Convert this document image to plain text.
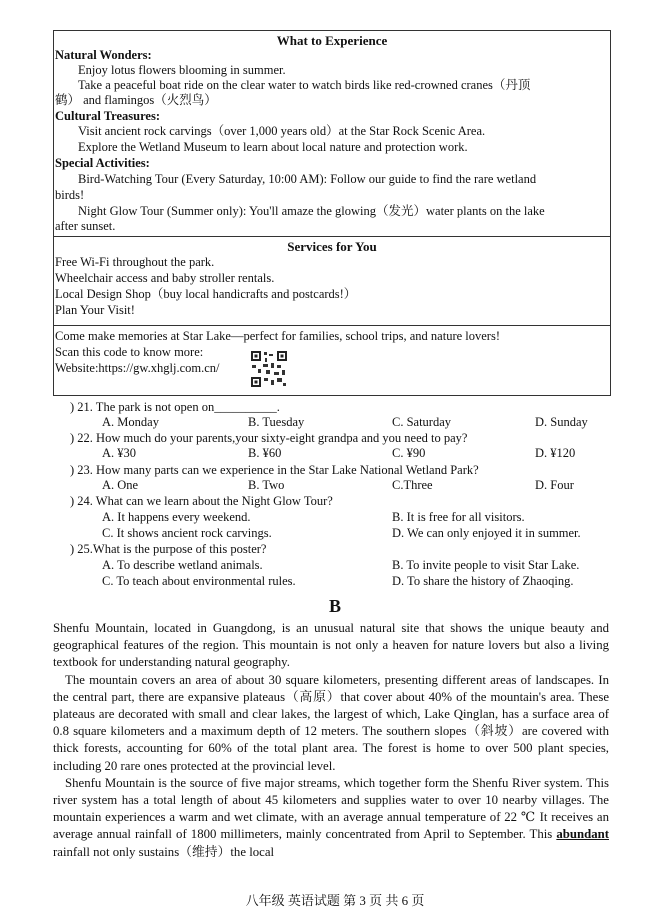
What to Experience
Natural Wonders:
Enjoy lotus flowers blooming in summer.
Take a peaceful boat ride on the clear water to watch birds like red-crowned cranes（丹顶
鹤） and flamingos（火烈鸟）
Cultural Treasures:
Visit ancient rock carvings（over 1,000 years old）at the Star Rock Scenic Area.
Explore the Wetland Museum to learn about local nature and protection work.
Special Activities:
Bird-Watching Tour (Every Saturday, 10:00 AM): Follow our guide to find the rare wetland
birds!
Night Glow Tour (Summer only): You'll amaze the glowing（发光）water plants on the lake
after sunset.
Services for You
Free Wi-Fi throughout the park.
Wheelchair access and baby stroller rentals.
Local Design Shop（buy local handicrafts and postcards!）
Plan Your Visit!
Come make memories at Star Lake—perfect for families, school trips, and nature lovers!
Scan this code to know more:
Website:https://gw.xhglj.com.cn/
) 21. The park is not open on__________.
A. Monday	B. Tuesday	C. Saturday	D. Sunday
) 22. How much do your parents,your sixty-eight grandpa and you need to pay?
A. ¥30	B. ¥60	C. ¥90	D. ¥120
) 23. How many parts can we experience in the Star Lake National Wetland Park?
A. One	B. Two	C.Three	D. Four
) 24. What can we learn about the Night Glow Tour?
A. It happens every weekend.	B. It is free for all visitors.
C. It shows ancient rock carvings.	D. We can only enjoyed it in summer.
) 25.What is the purpose of this poster?
A. To describe wetland animals.	B. To invite people to visit Star Lake.
C. To teach about environmental rules.	D. To share the history of Zhaoqing.
B

Shenfu Mountain, located in Guangdong, is an unusual natural site that shows the unique beauty and geographical features of the region. This mountain is not only a heaven for nature lovers but also a living textbook for understanding natural geography.

The mountain covers an area of about 30 square kilometers, presenting different areas of landscapes. In the central part, there are expansive plateaus（高原）that cover about 40% of the mountain's area. These plateaus are decorated with small and clear lakes, the largest of which, Lake Qinglan, has a surface area of 0.8 square kilometers and a maximum depth of 12 meters. The southern slopes（斜坡）are covered with thick forests, accounting for 60% of the total plant area. The forest is home to over 500 plant species, including 20 rare ones protected at the provincial level.

Shenfu Mountain is the source of five major streams, which together form the Shenfu River system. This river system has a total length of about 45 kilometers and supplies water to over 10 nearby villages. The mountain experiences a warm and wet climate, with an average annual temperature of 22 ℃ It receives an average annual rainfall of 1800 millimeters, mainly concentrated from April to September. This abundant rainfall not only sustains（维持）the local

八年级 英语试题 第 3 页 共 6 页
